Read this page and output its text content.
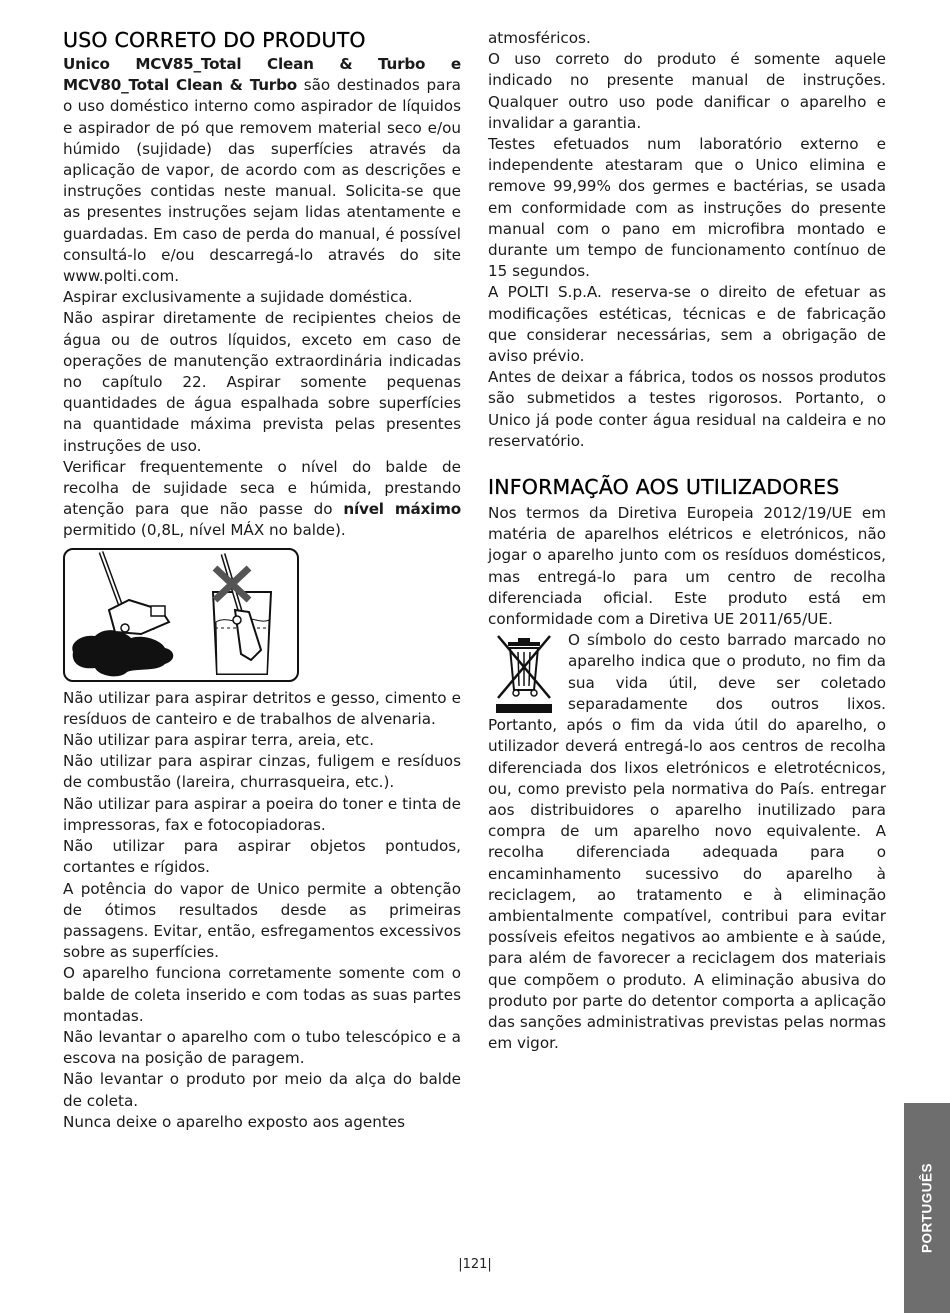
USO CORRETO DO PRODUTO

Unico MCV85_Total Clean & Turbo e MCV80_Total Clean & Turbo são destinados para o uso doméstico interno como aspirador de líquidos e aspirador de pó que removem material seco e/ou húmido (sujidade) das superfícies através da aplicação de vapor, de acordo com as descrições e instruções contidas neste manual. Solicita-se que as presentes instruções sejam lidas atentamente e guardadas. Em caso de perda do manual, é possível consultá-lo e/ou descarregá-lo através do site www.polti.com.

Aspirar exclusivamente a sujidade doméstica.

Não aspirar diretamente de recipientes cheios de água ou de outros líquidos, exceto em caso de operações de manutenção extraordinária indicadas no capítulo 22. Aspirar somente pequenas quantidades de água espalhada sobre superfícies na quantidade máxima prevista pelas presentes instruções de uso.

Verificar frequentemente o nível do balde de recolha de sujidade seca e húmida, prestando atenção para que não passe do nível máximo permitido (0,8L, nível MÁX no balde).

Não utilizar para aspirar detritos e gesso, cimento e resíduos de canteiro e de trabalhos de alvenaria.

Não utilizar para aspirar terra, areia, etc.

Não utilizar para aspirar cinzas, fuligem e resíduos de combustão (lareira, churrasqueira, etc.).

Não utilizar para aspirar a poeira do toner e tinta de impressoras, fax e fotocopiadoras.

Não utilizar para aspirar objetos pontudos, cortantes e rígidos.

A potência do vapor de Unico permite a obtenção de ótimos resultados desde as primeiras passagens. Evitar, então, esfregamentos excessivos sobre as superfícies.

O aparelho funciona corretamente somente com o balde de coleta inserido e com todas as suas partes montadas.

Não levantar o aparelho com o tubo telescópico e a escova na posição de paragem.

Não levantar o produto por meio da alça do balde de coleta.

Nunca deixe o aparelho exposto aos agentes

atmosféricos.

O uso correto do produto é somente aquele indicado no presente manual de instruções. Qualquer outro uso pode danificar o aparelho e invalidar a garantia.

Testes efetuados num laboratório externo e independente atestaram que o Unico elimina e remove 99,99% dos germes e bactérias, se usada em conformidade com as instruções do presente manual com o pano em microfibra montado e durante um tempo de funcionamento contínuo de 15 segundos.

A POLTI S.p.A. reserva-se o direito de efetuar as modificações estéticas, técnicas e de fabricação que considerar necessárias, sem a obrigação de aviso prévio.

Antes de deixar a fábrica, todos os nossos produtos são submetidos a testes rigorosos. Portanto, o Unico já pode conter água residual na caldeira e no reservatório.

INFORMAÇÃO AOS UTILIZADORES

Nos termos da Diretiva Europeia 2012/19/UE em matéria de aparelhos elétricos e eletrónicos, não jogar o aparelho junto com os resíduos domésticos, mas entregá-lo para um centro de recolha diferenciada oficial. Este produto está em conformidade com a Diretiva UE 2011/65/UE.

O símbolo do cesto barrado marcado no aparelho indica que o produto, no fim da sua vida útil, deve ser coletado separadamente dos outros lixos. Portanto, após o fim da vida útil do aparelho, o utilizador deverá entregá-lo aos centros de recolha diferenciada dos lixos eletrónicos e eletrotécnicos, ou, como previsto pela normativa do País. entregar aos distribuidores o aparelho inutilizado para compra de um aparelho novo equivalente. A recolha diferenciada adequada para o encaminhamento sucessivo do aparelho à reciclagem, ao tratamento e à eliminação ambientalmente compatível, contribui para evitar possíveis efeitos negativos ao ambiente e à saúde, para além de favorecer a reciclagem dos materiais que compõem o produto. A eliminação abusiva do produto por parte do detentor comporta a aplicação das sanções administrativas previstas pelas normas em vigor.

PORTUGUÊS
|121|
